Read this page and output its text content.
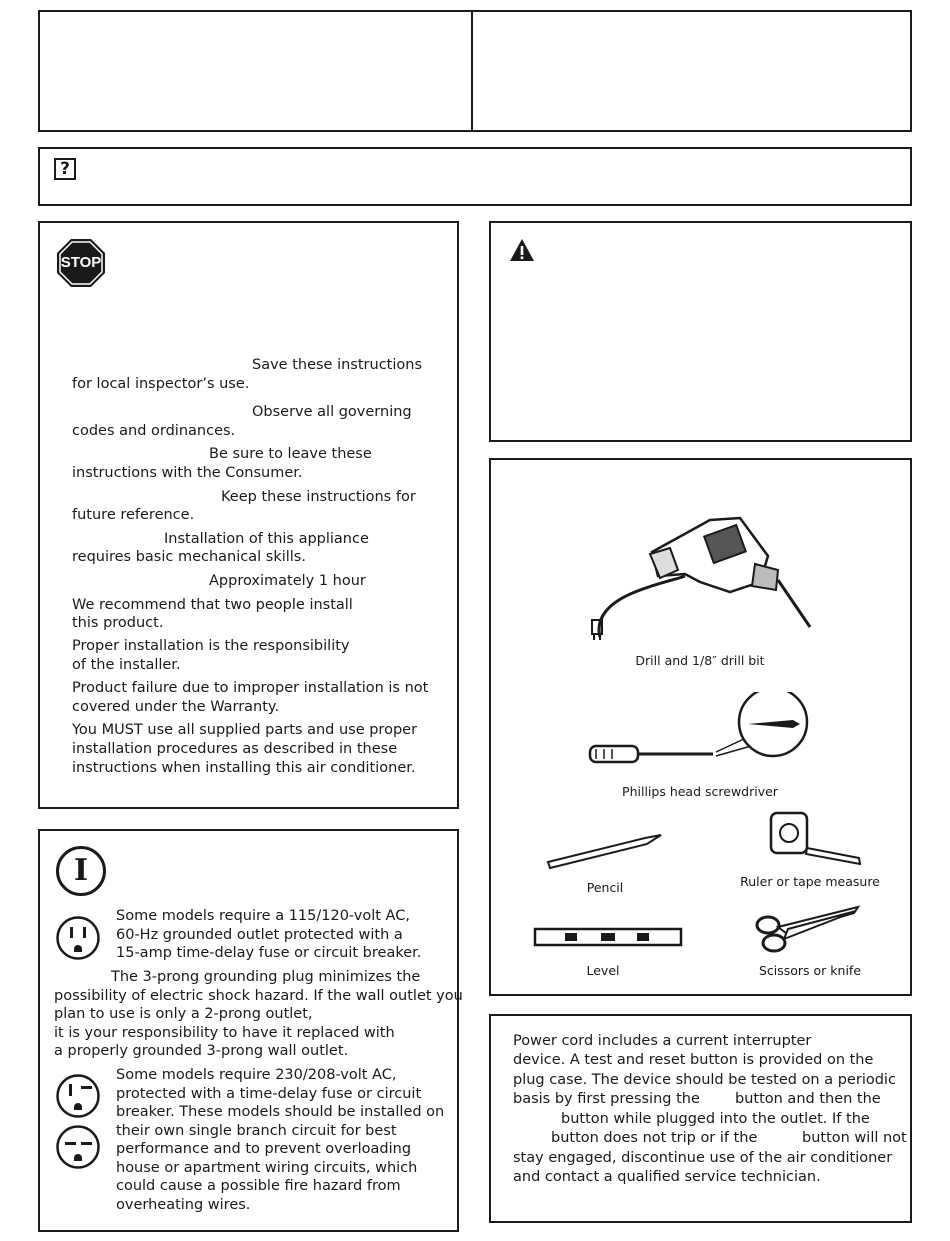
?
STOP
Save these instructions
for local inspector’s use.
Observe all governing
codes and ordinances.
Be sure to leave these
instructions with the Consumer.
Keep these instructions for
future reference.
Installation of this appliance
requires basic mechanical skills.
Approximately 1 hour
We recommend that two people install
this product.
Proper installation is the responsibility
of the installer.
Product failure due to improper installation is not
covered under the Warranty.
You MUST use all supplied parts and use proper
installation procedures as described in these
instructions when installing this air conditioner.
Drill and 1/8″ drill bit
Phillips head screwdriver
Pencil	Ruler or tape measure
Level	Scissors or knife
I
Some models require a 115/120-volt AC,
60-Hz grounded outlet protected with a
15-amp time-delay fuse or circuit breaker.
The 3-prong grounding plug minimizes the
possibility of electric shock hazard. If the wall outlet you
plan to use is only a 2-prong outlet,
it is your responsibility to have it replaced with
a properly grounded 3-prong wall outlet.
Some models require 230/208-volt AC,
protected with a time-delay fuse or circuit
breaker. These models should be installed on
their own single branch circuit for best
performance and to prevent overloading
house or apartment wiring circuits, which
could cause a possible fire hazard from
overheating wires.
Power cord includes a current interrupter
device. A test and reset button is provided on the
plug case. The device should be tested on a periodic
basis by first pressing the button and then the
button while plugged into the outlet. If the
button does not trip or if the	button will not
stay engaged, discontinue use of the air conditioner
and contact a qualified service technician.
